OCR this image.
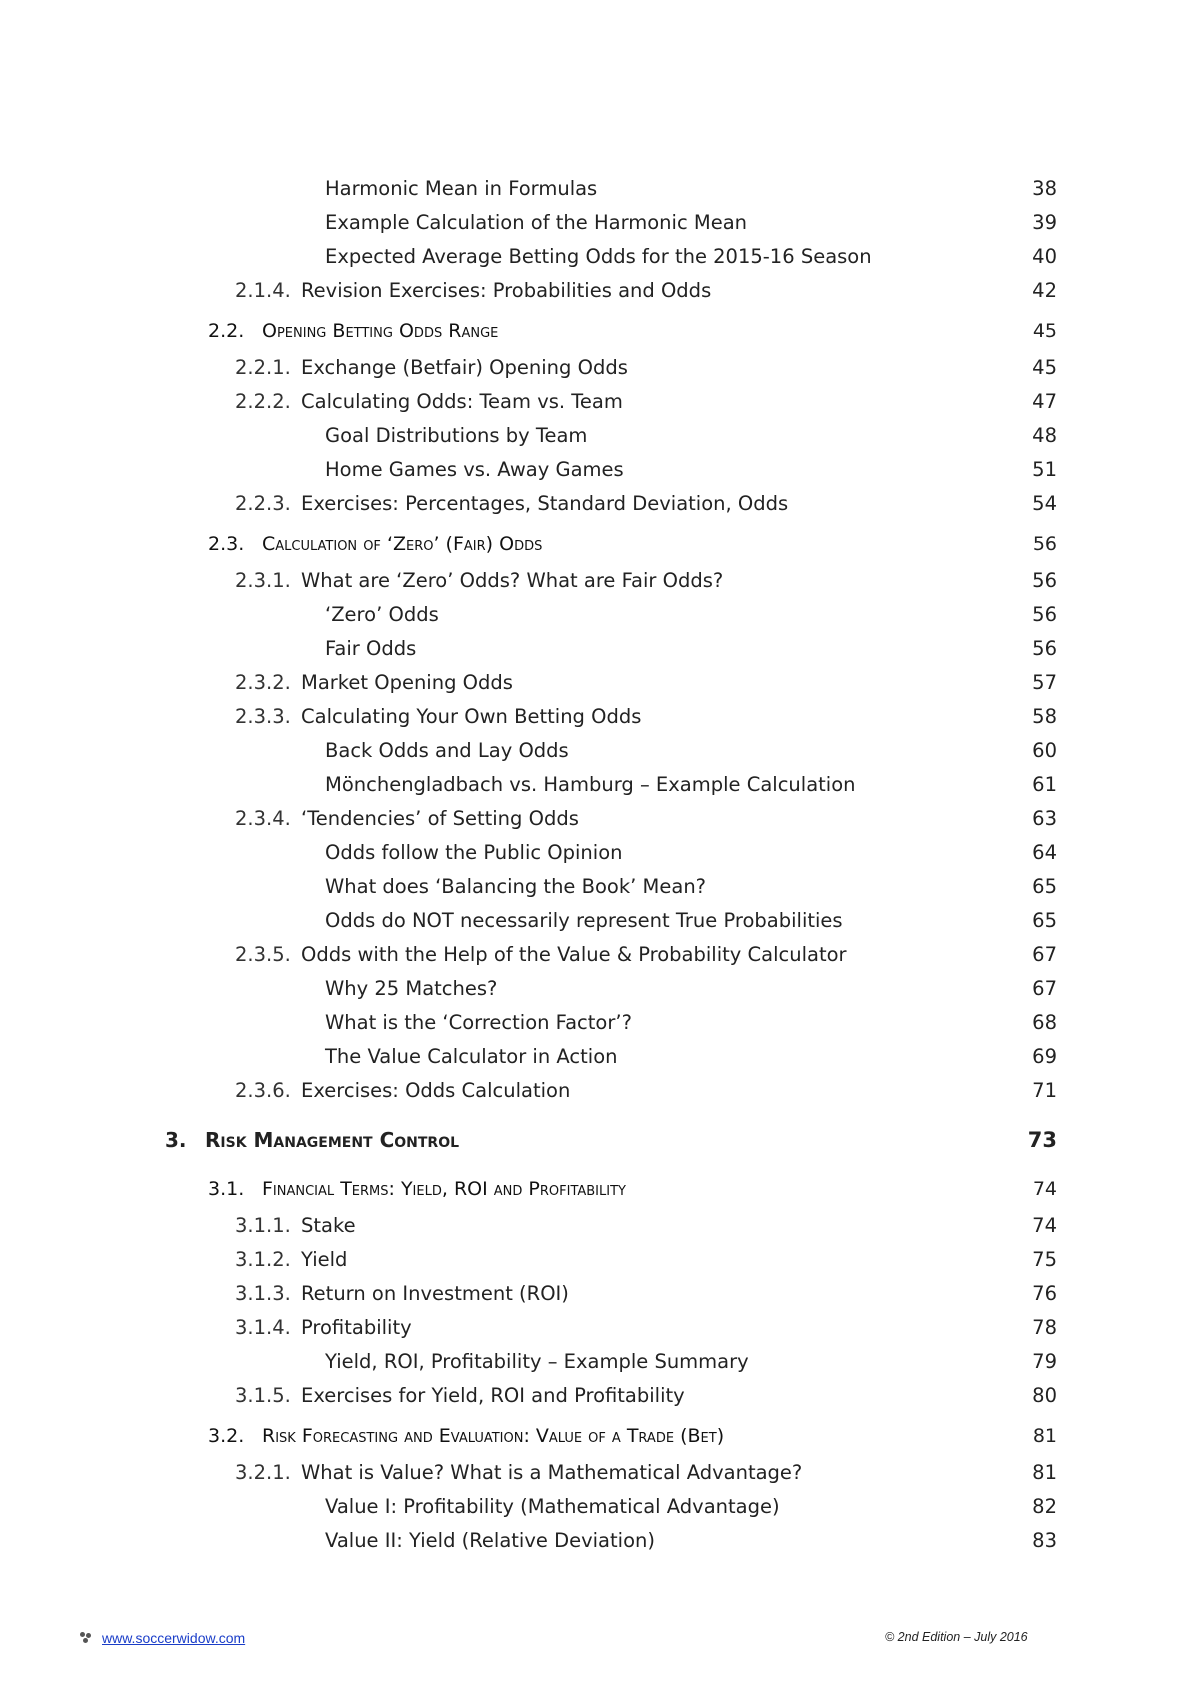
Harmonic Mean in Formulas	38
Example Calculation of the Harmonic Mean	39
Expected Average Betting Odds for the 2015-16 Season	40
2.1.4. Revision Exercises: Probabilities and Odds	42
2.2. Opening Betting Odds Range	45
2.2.1. Exchange (Betfair) Opening Odds	45
2.2.2. Calculating Odds: Team vs. Team	47
Goal Distributions by Team	48
Home Games vs. Away Games	51
2.2.3. Exercises: Percentages, Standard Deviation, Odds	54
2.3. Calculation of ‘Zero’ (Fair) Odds	56
2.3.1. What are ‘Zero’ Odds? What are Fair Odds?	56
‘Zero’ Odds	56
Fair Odds	56
2.3.2. Market Opening Odds	57
2.3.3. Calculating Your Own Betting Odds	58
Back Odds and Lay Odds	60
Mönchengladbach vs. Hamburg – Example Calculation	61
2.3.4. ‘Tendencies’ of Setting Odds	63
Odds follow the Public Opinion	64
What does ‘Balancing the Book’ Mean?	65
Odds do NOT necessarily represent True Probabilities	65
2.3.5. Odds with the Help of the Value & Probability Calculator	67
Why 25 Matches?	67
What is the ‘Correction Factor’?	68
The Value Calculator in Action	69
2.3.6. Exercises: Odds Calculation	71
3. Risk Management Control	73
3.1. Financial Terms: Yield, ROI and Profitability	74
3.1.1. Stake	74
3.1.2. Yield	75
3.1.3. Return on Investment (ROI)	76
3.1.4. Profitability	78
Yield, ROI, Profitability – Example Summary	79
3.1.5. Exercises for Yield, ROI and Profitability	80
3.2. Risk Forecasting and Evaluation: Value of a Trade (Bet)	81
3.2.1. What is Value? What is a Mathematical Advantage?	81
Value I: Profitability (Mathematical Advantage)	82
Value II: Yield (Relative Deviation)	83
www.soccerwidow.com	© 2nd Edition – July 2016
